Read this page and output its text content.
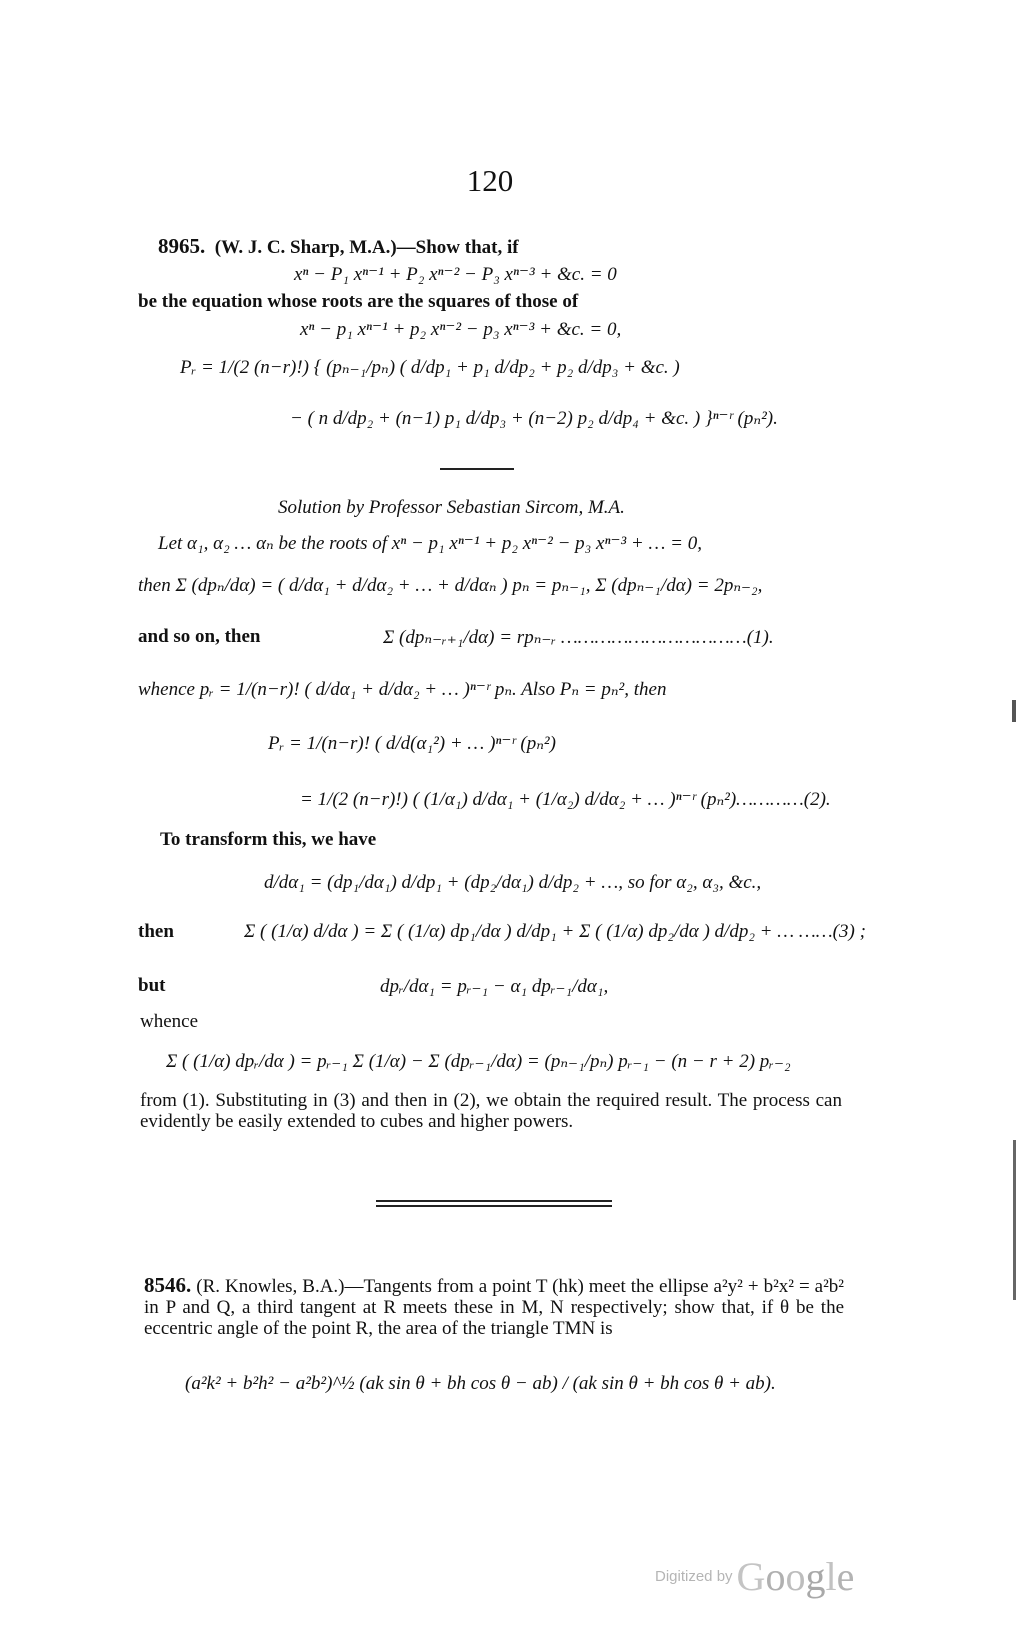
120
8965. (W. J. C. Sharp, M.A.)—Show that, if
xⁿ − P₁ xⁿ⁻¹ + P₂ xⁿ⁻² − P₃ xⁿ⁻³ + &c. = 0
be the equation whose roots are the squares of those of
xⁿ − p₁ xⁿ⁻¹ + p₂ xⁿ⁻² − p₃ xⁿ⁻³ + &c. = 0,
Pᵣ = 1/(2 (n−r)!) { (pₙ₋₁/pₙ) ( d/dp₁ + p₁ d/dp₂ + p₂ d/dp₃ + &c. )
− ( n d/dp₂ + (n−1) p₁ d/dp₃ + (n−2) p₂ d/dp₄ + &c. ) }ⁿ⁻ʳ (pₙ²).
Solution by Professor Sebastian Sircom, M.A.
Let α₁, α₂ … αₙ be the roots of xⁿ − p₁ xⁿ⁻¹ + p₂ xⁿ⁻² − p₃ xⁿ⁻³ + … = 0,
then Σ (dpₙ/dα) = ( d/dα₁ + d/dα₂ + … + d/dαₙ ) pₙ = pₙ₋₁, Σ (dpₙ₋₁/dα) = 2pₙ₋₂,
and so on, then	Σ (dpₙ₋ᵣ₊₁/dα) = rpₙ₋ᵣ ……………………………(1).
whence pᵣ = 1/(n−r)! ( d/dα₁ + d/dα₂ + … )ⁿ⁻ʳ pₙ. Also Pₙ = pₙ², then
Pᵣ = 1/(n−r)! ( d/d(α₁²) + … )ⁿ⁻ʳ (pₙ²)
= 1/(2 (n−r)!) ( (1/α₁) d/dα₁ + (1/α₂) d/dα₂ + … )ⁿ⁻ʳ (pₙ²)…………(2).
To transform this, we have
d/dα₁ = (dp₁/dα₁) d/dp₁ + (dp₂/dα₁) d/dp₂ + …, so for α₂, α₃, &c.,
then	Σ ( (1/α) d/dα ) = Σ ( (1/α) dp₁/dα ) d/dp₁ + Σ ( (1/α) dp₂/dα ) d/dp₂ + … ……(3) ;
but	dpᵣ/dα₁ = pᵣ₋₁ − α₁ dpᵣ₋₁/dα₁,
whence
Σ ( (1/α) dpᵣ/dα ) = pᵣ₋₁ Σ (1/α) − Σ (dpᵣ₋₁/dα) = (pₙ₋₁/pₙ) pᵣ₋₁ − (n − r + 2) pᵣ₋₂
from (1). Substituting in (3) and then in (2), we obtain the required result. The process can evidently be easily extended to cubes and higher powers.
8546. (R. Knowles, B.A.)—Tangents from a point T (hk) meet the ellipse a²y² + b²x² = a²b² in P and Q, a third tangent at R meets these in M, N respectively; show that, if θ be the eccentric angle of the point R, the area of the triangle TMN is
(a²k² + b²h² − a²b²)^½ (ak sin θ + bh cos θ − ab) / (ak sin θ + bh cos θ + ab).
Digitized by Google
